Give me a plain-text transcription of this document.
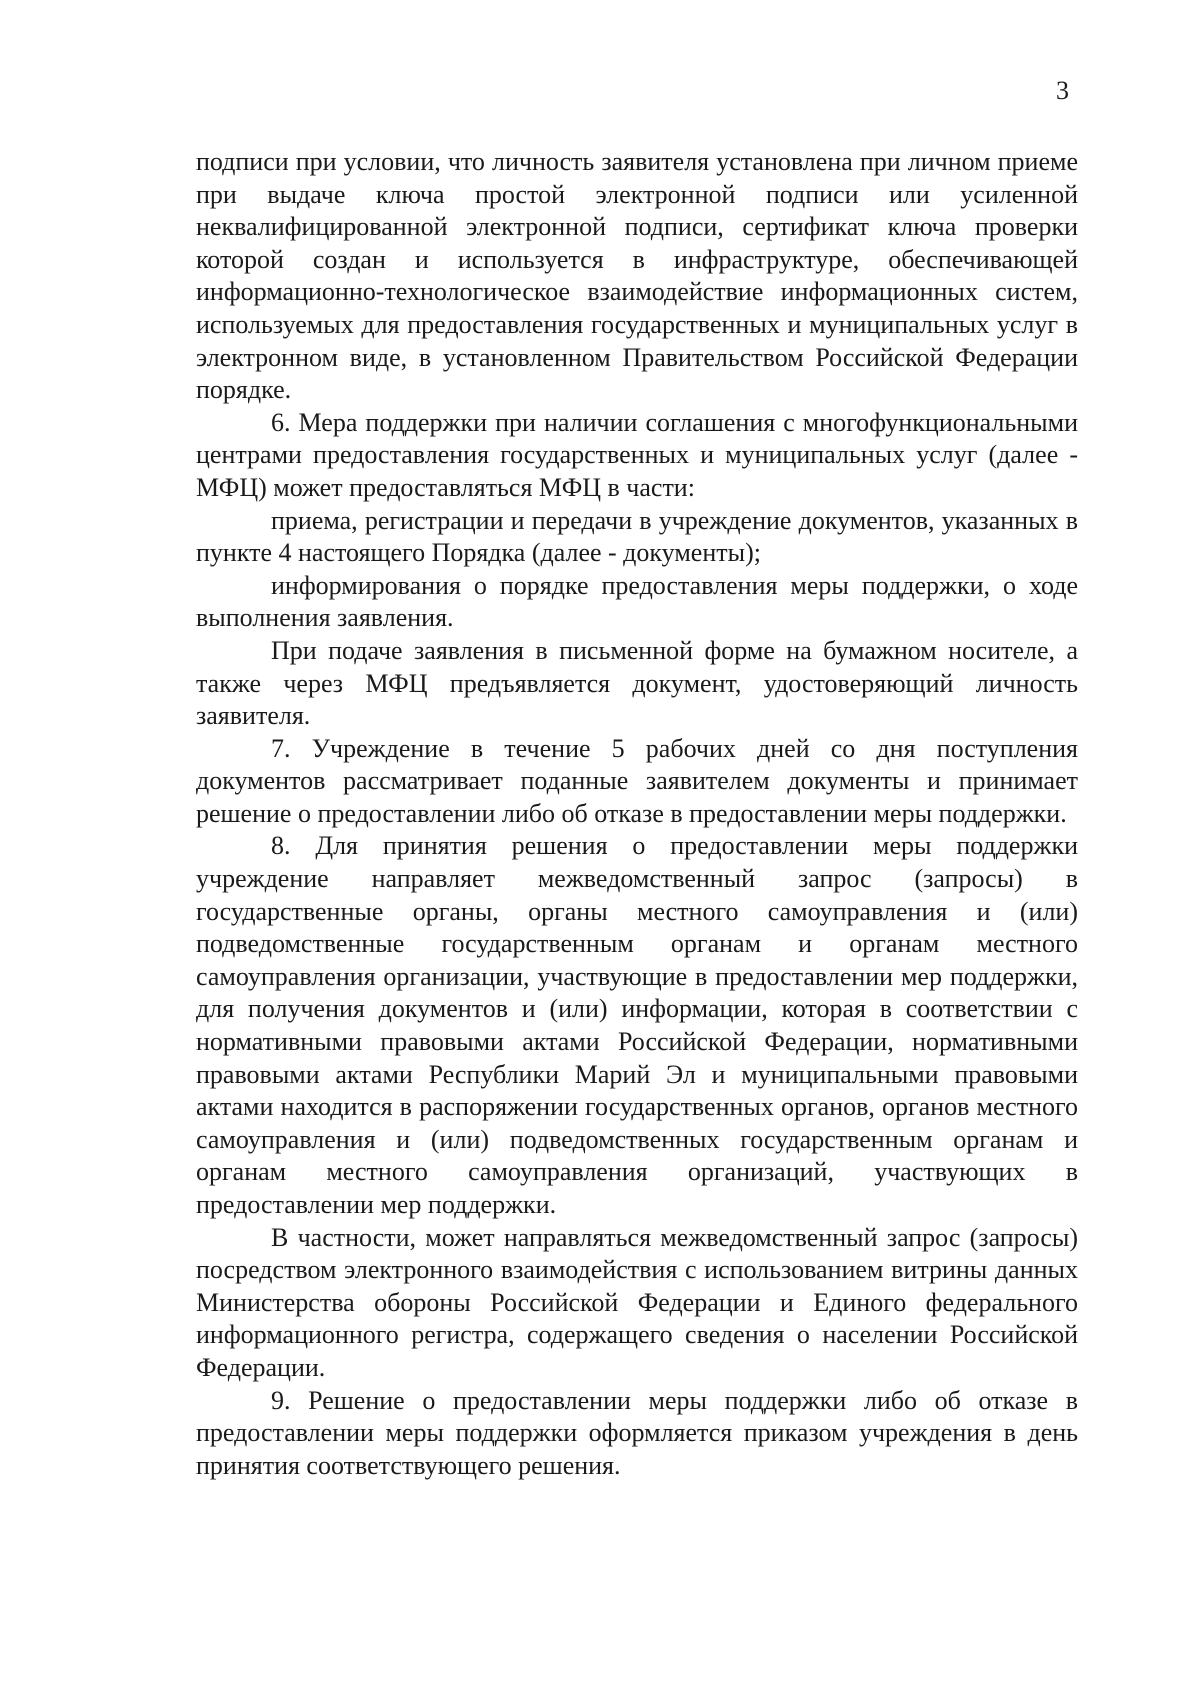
3

подписи при условии, что личность заявителя установлена при личном приеме при выдаче ключа простой электронной подписи или усиленной неквалифицированной электронной подписи, сертификат ключа проверки которой создан и используется в инфраструктуре, обеспечивающей информационно-технологическое взаимодействие информационных систем, используемых для предоставления государственных и муниципальных услуг в электронном виде, в установленном Правительством Российской Федерации порядке.

6. Мера поддержки при наличии соглашения с многофункциональными центрами предоставления государственных и муниципальных услуг (далее - МФЦ) может предоставляться МФЦ в части:

приема, регистрации и передачи в учреждение документов, указанных в пункте 4 настоящего Порядка (далее - документы);

информирования о порядке предоставления меры поддержки, о ходе выполнения заявления.

При подаче заявления в письменной форме на бумажном носителе, а также через МФЦ предъявляется документ, удостоверяющий личность заявителя.

7. Учреждение в течение 5 рабочих дней со дня поступления документов рассматривает поданные заявителем документы и принимает решение о предоставлении либо об отказе в предоставлении меры поддержки.

8. Для принятия решения о предоставлении меры поддержки учреждение направляет межведомственный запрос (запросы) в государственные органы, органы местного самоуправления и (или) подведомственные государственным органам и органам местного самоуправления организации, участвующие в предоставлении мер поддержки, для получения документов и (или) информации, которая в соответствии с нормативными правовыми актами Российской Федерации, нормативными правовыми актами Республики Марий Эл и муниципальными правовыми актами находится в распоряжении государственных органов, органов местного самоуправления и (или) подведомственных государственным органам и органам местного самоуправления организаций, участвующих в предоставлении мер поддержки.

В частности, может направляться межведомственный запрос (запросы) посредством электронного взаимодействия с использованием витрины данных Министерства обороны Российской Федерации и Единого федерального информационного регистра, содержащего сведения о населении Российской Федерации.

9. Решение о предоставлении меры поддержки либо об отказе в предоставлении меры поддержки оформляется приказом учреждения в день принятия соответствующего решения.
